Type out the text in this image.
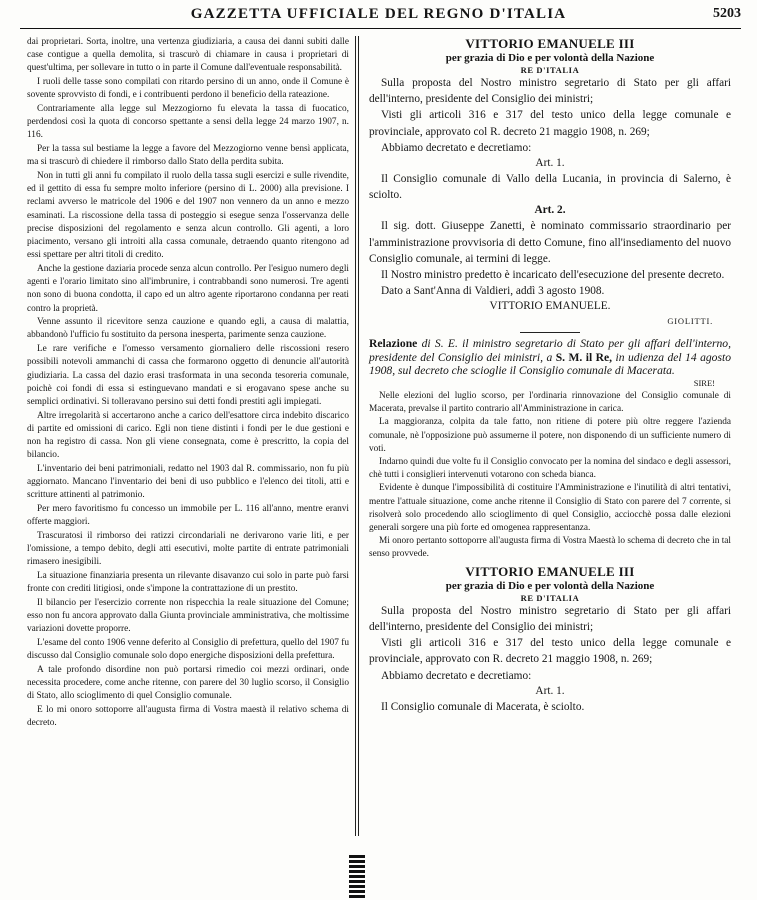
GAZZETTA UFFICIALE DEL REGNO D'ITALIA	5203

dai proprietari. Sorta, inoltre, una vertenza giudiziaria, a causa dei danni subiti dalle case contigue a quella demolita, si trascurò di chiamare in causa i proprietari di quest'ultima, per sollevare in tutto o in parte il Comune dall'eventuale responsabilità.

I ruoli delle tasse sono compilati con ritardo persino di un anno, onde il Comune è sovente sprovvisto di fondi, e i contribuenti perdono il beneficio della rateazione.

Contrariamente alla legge sul Mezzogiorno fu elevata la tassa di fuocatico, perdendosi così la quota di concorso spettante a sensi della legge 24 marzo 1907, n. 116.

Per la tassa sul bestiame la legge a favore del Mezzogiorno venne bensì applicata, ma si trascurò di chiedere il rimborso dallo Stato della perdita subita.

Non in tutti gli anni fu compilato il ruolo della tassa sugli esercizi e sulle rivendite, ed il gettito di essa fu sempre molto inferiore (persino di L. 2000) alla previsione. I reclami avverso le matricole del 1906 e del 1907 non vennero da un anno e mezzo esaminati. La riscossione della tassa di posteggio si esegue senza l'osservanza delle precise disposizioni del regolamento e senza alcun controllo. Gli agenti, a loro piacimento, versano gli introiti alla cassa comunale, detraendo quanto ritengono ad essi spettare per altri titoli di credito.

Anche la gestione daziaria procede senza alcun controllo. Per l'esiguo numero degli agenti e l'orario limitato sino all'imbrunire, i contrabbandi sono numerosi. Tre agenti non sono di buona condotta, il capo ed un altro agente riportarono condanna per reati contro la proprietà.

Venne assunto il ricevitore senza cauzione e quando egli, a causa di malattia, abbandonò l'ufficio fu sostituito da persona inesperta, parimente senza cauzione.

Le rare verifiche e l'omesso versamento giornaliero delle riscossioni resero possibili notevoli ammanchi di cassa che formarono oggetto di denuncie all'autorità giudiziaria. La cassa del dazio erasi trasformata in una seconda tesoreria comunale, poichè coi fondi di essa si estinguevano mandati e si erogavano spese anche su semplici ordinativi. Si tolleravano persino sui detti fondi prestiti agli impiegati.

Altre irregolarità si accertarono anche a carico dell'esattore circa indebito discarico di partite ed omissioni di carico. Egli non tiene distinti i fondi per le due gestioni e non ha registro di cassa. Non gli viene consegnata, come è prescritto, la copia del bilancio.

L'inventario dei beni patrimoniali, redatto nel 1903 dal R. commissario, non fu più aggiornato. Mancano l'inventario dei beni di uso pubblico e l'elenco dei titoli, atti e scritture attinenti al patrimonio.

Per mero favoritismo fu concesso un immobile per L. 116 all'anno, mentre eranvi offerte maggiori.

Trascuratosi il rimborso dei ratizzi circondariali ne derivarono varie liti, e per l'omissione, a tempo debito, degli atti esecutivi, molte partite di entrate patrimoniali rimasero inesigibili.

La situazione finanziaria presenta un rilevante disavanzo cui solo in parte può farsi fronte con crediti litigiosi, onde s'impone la contrattazione di un prestito.

Il bilancio per l'esercizio corrente non rispecchia la reale situazione del Comune; esso non fu ancora approvato dalla Giunta provinciale amministrativa, che moltissime variazioni dovette proporre.

L'esame del conto 1906 venne deferito al Consiglio di prefettura, quello del 1907 fu discusso dal Consiglio comunale solo dopo energiche disposizioni della prefettura.

A tale profondo disordine non può portarsi rimedio coi mezzi ordinari, onde necessita procedere, come anche ritenne, con parere del 30 luglio scorso, il Consiglio di Stato, allo scioglimento di quel Consiglio comunale.

E lo mi onoro sottoporre all'augusta firma di Vostra maestà il relativo schema di decreto.

VITTORIO EMANUELE III
per grazia di Dio e per volontà della Nazione
RE D'ITALIA

Sulla proposta del Nostro ministro segretario di Stato per gli affari dell'interno, presidente del Consiglio dei ministri;

Visti gli articoli 316 e 317 del testo unico della legge comunale e provinciale, approvato col R. decreto 21 maggio 1908, n. 269;

Abbiamo decretato e decretiamo:

Art. 1.

Il Consiglio comunale di Vallo della Lucania, in provincia di Salerno, è sciolto.

Art. 2.

Il sig. dott. Giuseppe Zanetti, è nominato commissario straordinario per l'amministrazione provvisoria di detto Comune, fino all'insediamento del nuovo Consiglio comunale, ai termini di legge.

Il Nostro ministro predetto è incaricato dell'esecuzione del presente decreto.

Dato a Sant'Anna di Valdieri, addì 3 agosto 1908.

VITTORIO EMANUELE.
GIOLITTI.

Relazione di S. E. il ministro segretario di Stato per gli affari dell'interno, presidente del Consiglio dei ministri, a S. M. il Re, in udienza del 14 agosto 1908, sul decreto che scioglie il Consiglio comunale di Macerata.

SIRE!

Nelle elezioni del luglio scorso, per l'ordinaria rinnovazione del Consiglio comunale di Macerata, prevalse il partito contrario all'Amministrazione in carica.

La maggioranza, colpita da tale fatto, non ritiene di potere più oltre reggere l'azienda comunale, nè l'opposizione può assumerne il potere, non disponendo di un sufficiente numero di voti.

Indarno quindi due volte fu il Consiglio convocato per la nomina del sindaco e degli assessori, chè tutti i consiglieri intervenuti votarono con scheda bianca.

Evidente è dunque l'impossibilità di costituire l'Amministrazione e l'inutilità di altri tentativi, mentre l'attuale situazione, come anche ritenne il Consiglio di Stato con parere del 7 corrente, si risolverà solo procedendo allo scioglimento di quel Consiglio, acciocchè possa dalle elezioni generali sorgere una più forte ed omogenea rappresentanza.

Mi onoro pertanto sottoporre all'augusta firma di Vostra Maestà lo schema di decreto che in tal senso provvede.

VITTORIO EMANUELE III
per grazia di Dio e per volontà della Nazione
RE D'ITALIA

Sulla proposta del Nostro ministro segretario di Stato per gli affari dell'interno, presidente del Consiglio dei ministri;

Visti gli articoli 316 e 317 del testo unico della legge comunale e provinciale, approvato con R. decreto 21 maggio 1908, n. 269;

Abbiamo decretato e decretiamo:

Art. 1.

Il Consiglio comunale di Macerata, è sciolto.
